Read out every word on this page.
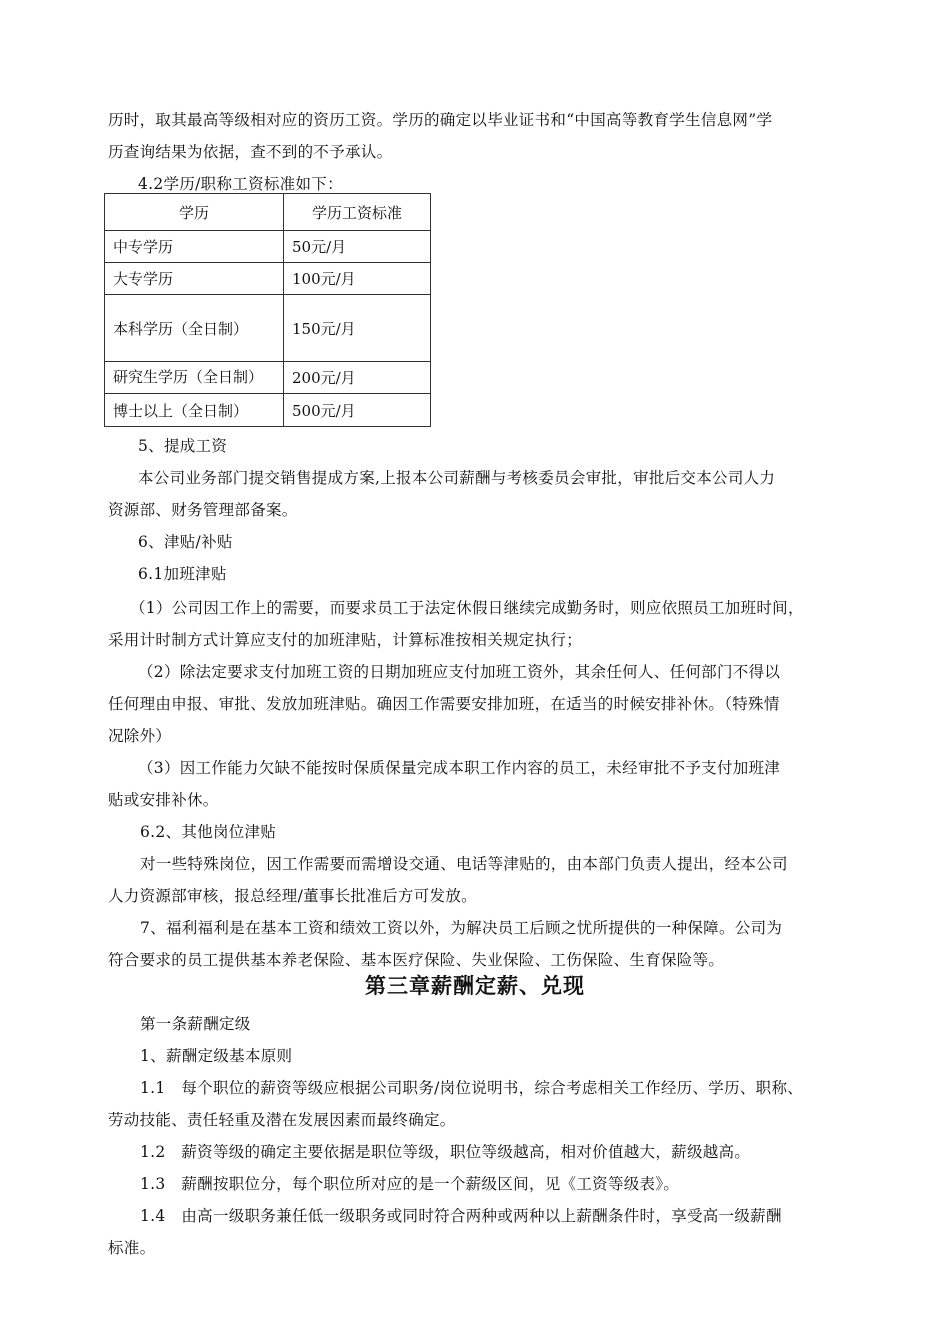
历时，取其最高等级相对应的资历工资。学历的确定以毕业证书和“中国高等教育学生信息网”学
历查询结果为依据，查不到的不予承认。
4.2学历/职称工资标准如下：
学历	学历工资标准
中专学历	50元/月
大专学历	100元/月
本科学历（全日制）	150元/月
研究生学历（全日制）	200元/月
博士以上（全日制）	500元/月
5、提成工资
本公司业务部门提交销售提成方案,上报本公司薪酬与考核委员会审批，审批后交本公司人力
资源部、财务管理部备案。
6、津贴/补贴
6.1加班津贴
（1）公司因工作上的需要，而要求员工于法定休假日继续完成勤务时，则应依照员工加班时间，
采用计时制方式计算应支付的加班津贴，计算标准按相关规定执行；
（2）除法定要求支付加班工资的日期加班应支付加班工资外，其余任何人、任何部门不得以
任何理由申报、审批、发放加班津贴。确因工作需要安排加班，在适当的时候安排补休。（特殊情
况除外）
（3）因工作能力欠缺不能按时保质保量完成本职工作内容的员工，未经审批不予支付加班津
贴或安排补休。
6.2、其他岗位津贴
对一些特殊岗位，因工作需要而需增设交通、电话等津贴的，由本部门负责人提出，经本公司
人力资源部审核，报总经理/董事长批准后方可发放。
7、福利福利是在基本工资和绩效工资以外，为解决员工后顾之忧所提供的一种保障。公司为
符合要求的员工提供基本养老保险、基本医疗保险、失业保险、工伤保险、生育保险等。
第三章薪酬定薪、兑现
第一条薪酬定级
1、薪酬定级基本原则
1.1　每个职位的薪资等级应根据公司职务/岗位说明书，综合考虑相关工作经历、学历、职称、
劳动技能、责任轻重及潜在发展因素而最终确定。
1.2　薪资等级的确定主要依据是职位等级，职位等级越高，相对价值越大，薪级越高。
1.3　薪酬按职位分，每个职位所对应的是一个薪级区间，见《工资等级表》。
1.4　由高一级职务兼任低一级职务或同时符合两种或两种以上薪酬条件时，享受高一级薪酬
标准。
